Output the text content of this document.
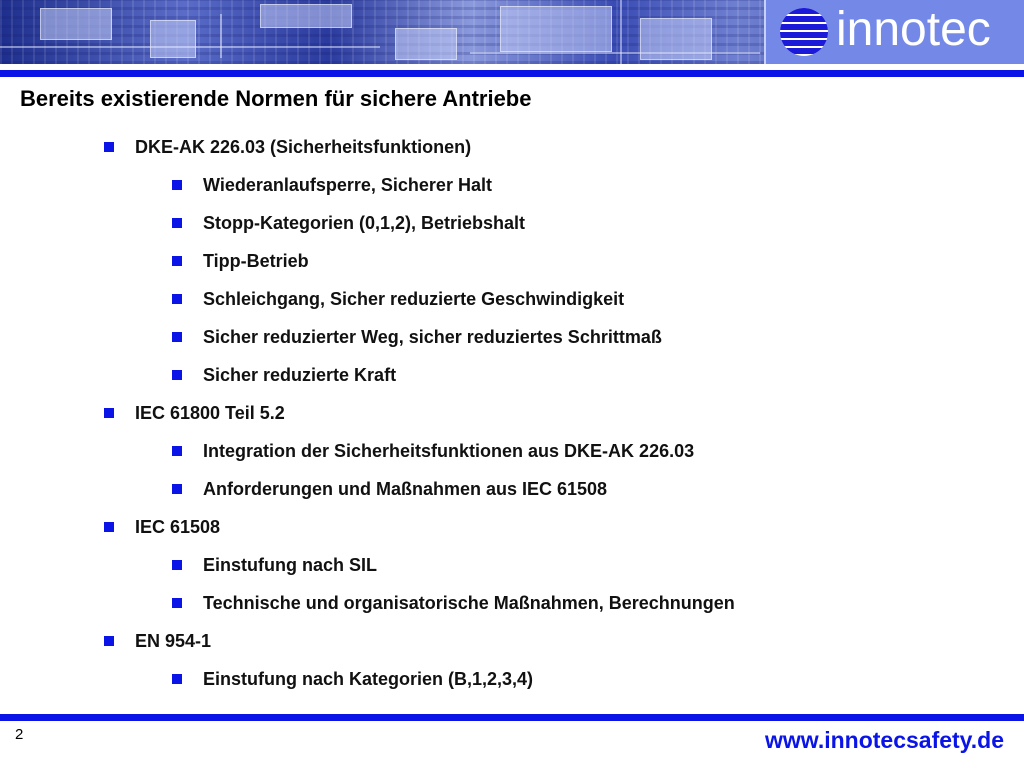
innotec
Bereits existierende Normen für sichere Antriebe
DKE-AK 226.03 (Sicherheitsfunktionen)
Wiederanlaufsperre, Sicherer Halt
Stopp-Kategorien (0,1,2), Betriebshalt
Tipp-Betrieb
Schleichgang, Sicher reduzierte Geschwindigkeit
Sicher reduzierter Weg, sicher reduziertes Schrittmaß
Sicher reduzierte Kraft
IEC 61800 Teil 5.2
Integration der Sicherheitsfunktionen aus DKE-AK 226.03
Anforderungen und Maßnahmen aus IEC 61508
IEC 61508
Einstufung nach SIL
Technische und organisatorische Maßnahmen, Berechnungen
EN 954-1
Einstufung nach Kategorien (B,1,2,3,4)
2	www.innotecsafety.de
